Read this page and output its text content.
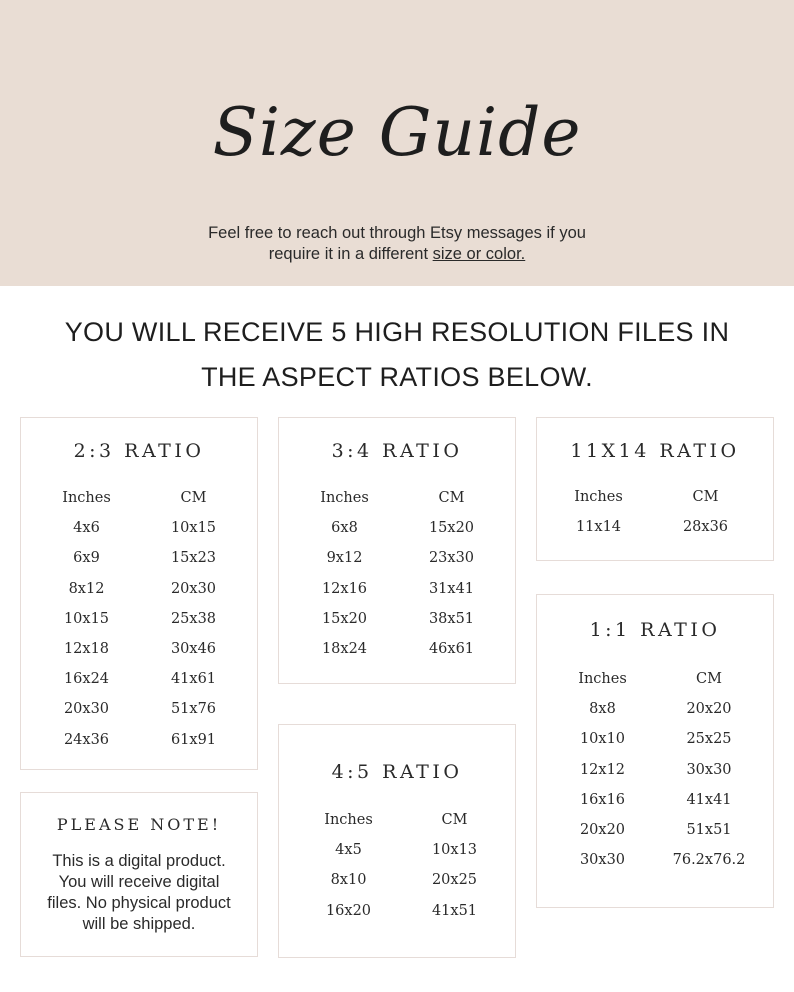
Size Guide
Feel free to reach out through Etsy messages if you
require it in a different size or color.
YOU WILL RECEIVE 5 HIGH RESOLUTION FILES IN
THE ASPECT RATIOS BELOW.
2:3 RATIO
Inches
4x6
6x9
8x12
10x15
12x18
16x24
20x30
24x36
CM
10x15
15x23
20x30
25x38
30x46
41x61
51x76
61x91
PLEASE NOTE!
This is a digital product.
You will receive digital
files. No physical product
will be shipped.
3:4 RATIO
Inches
6x8
9x12
12x16
15x20
18x24
CM
15x20
23x30
31x41
38x51
46x61
4:5 RATIO
Inches
4x5
8x10
16x20
CM
10x13
20x25
41x51
11X14 RATIO
Inches
11x14
CM
28x36
1:1 RATIO
Inches
8x8
10x10
12x12
16x16
20x20
30x30
CM
20x20
25x25
30x30
41x41
51x51
76.2x76.2
